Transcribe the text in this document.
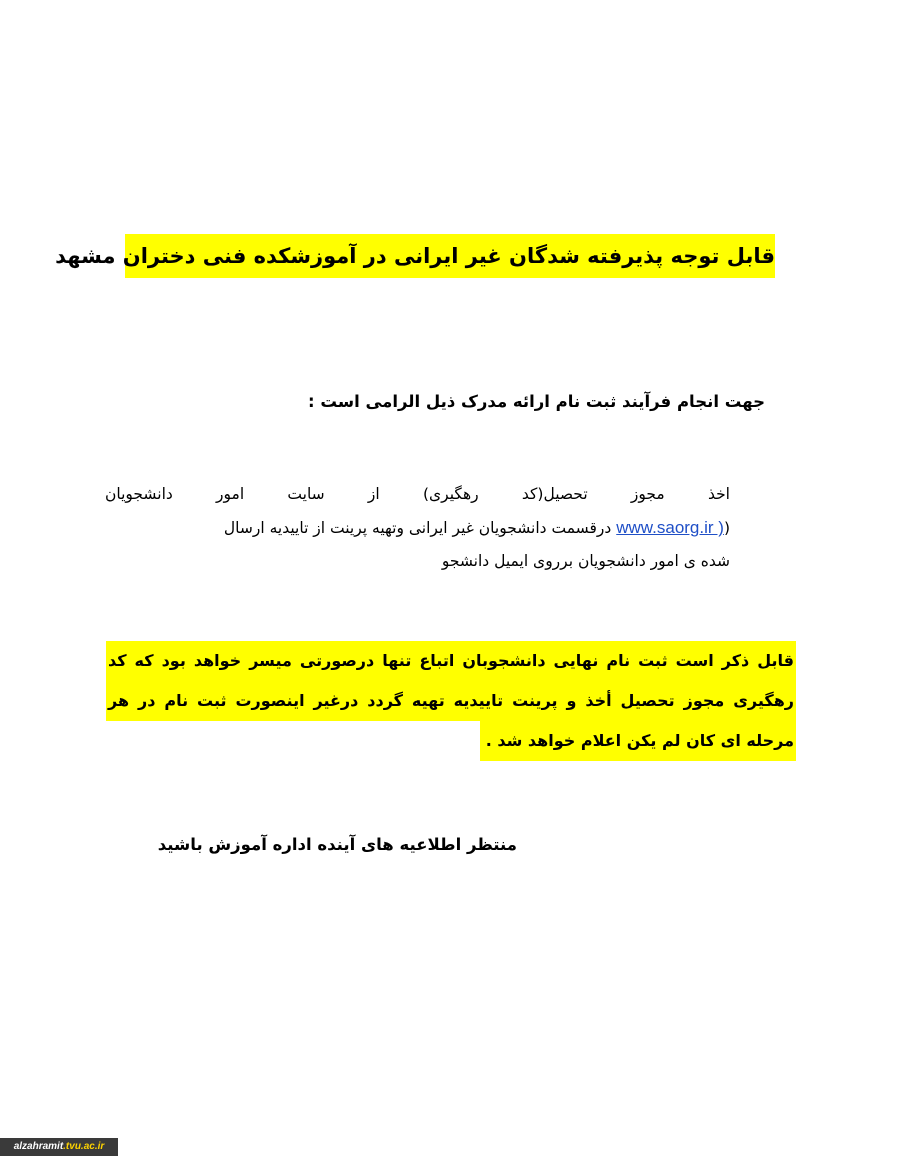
قابل توجه پذیرفته شدگان غیر ایرانی در آموزشکده فنی دختران مشهد
جهت انجام فرآیند ثبت نام ارائه مدرک ذیل الرامی است :
اخذ مجوز تحصیل(کد رهگیری) از سایت امور دانشجویان
(www.saorg.ir ) درقسمت دانشجویان غیر ایرانی وتهیه پرینت از تاییدیه ارسال
شده ی امور دانشجویان برروی ایمیل دانشجو
قابل ذکر است ثبت نام نهایی دانشجوبان اتباع تنها درصورتی میسر خواهد بود که کد
رهگیری مجوز تحصیل أخذ و پرینت تاییدیه تهیه گردد درغیر اینصورت ثبت نام در هر
مرحله ای کان لم یکن اعلام خواهد شد .
منتظر اطلاعیه های آینده اداره آموزش باشید
alzahramit.tvu.ac.ir
